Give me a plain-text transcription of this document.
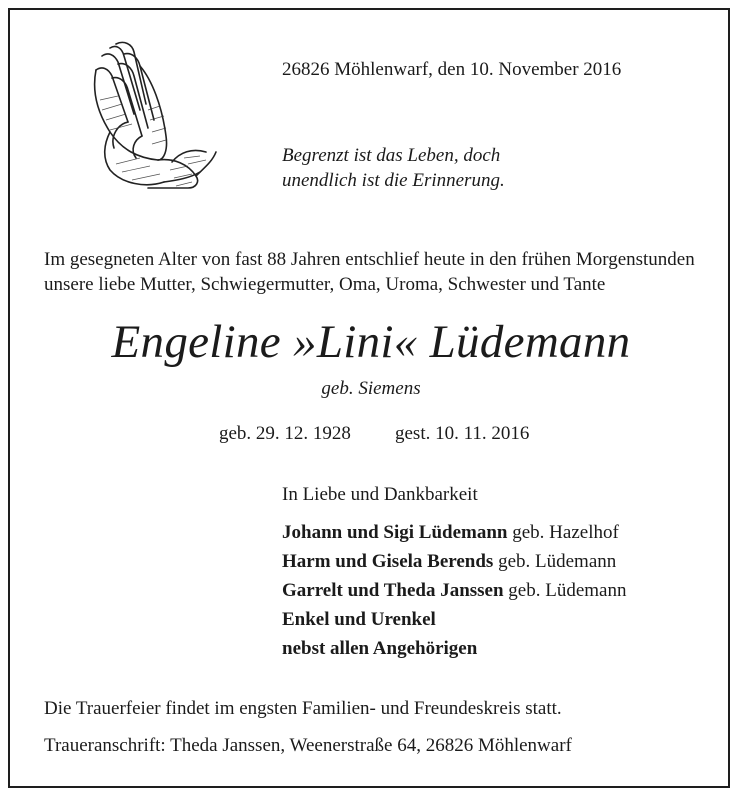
26826 Möhlenwarf, den 10. November 2016
Begrenzt ist das Leben, doch
unendlich ist die Erinnerung.
Im gesegneten Alter von fast 88 Jahren entschlief heute in den frühen Morgenstunden
unsere liebe Mutter, Schwiegermutter, Oma, Uroma, Schwester und Tante
Engeline »Lini« Lüdemann
geb. Siemens
geb. 29. 12. 1928 gest. 10. 11. 2016
In Liebe und Dankbarkeit
Johann und Sigi Lüdemann geb. Hazelhof
Harm und Gisela Berends geb. Lüdemann
Garrelt und Theda Janssen geb. Lüdemann
Enkel und Urenkel
nebst allen Angehörigen
Die Trauerfeier findet im engsten Familien- und Freundeskreis statt.
Traueranschrift: Theda Janssen, Weenerstraße 64, 26826 Möhlenwarf
